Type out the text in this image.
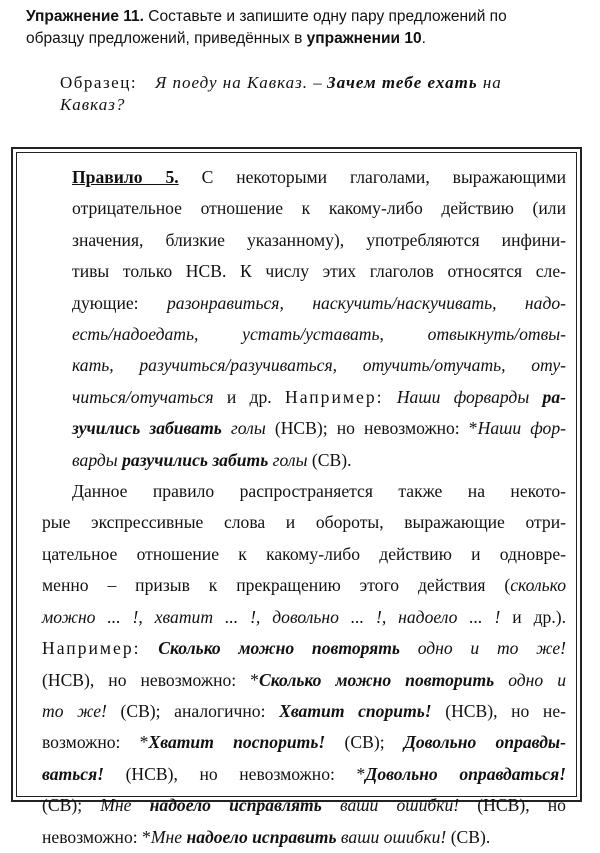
Упражнение 11. Составьте и запишите одну пару предложений по
образцу предложений, приведённых в упражнении 10.
Образец: Я поеду на Кавказ. – Зачем тебе ехать на
Кавказ?

Правило 5. С некоторыми глаголами, выражающими
отрицательное отношение к какому-либо действию (или
значения, близкие указанному), употребляются инфини-
тивы только НСВ. К числу этих глаголов относятся сле-
дующие: разонравиться, наскучить/наскучивать, надо-
есть/надоедать, устать/уставать, отвыкнуть/отвы-
кать, разучиться/разучиваться, отучить/отучать, оту-
читься/отучаться и др. Например: Наши форварды ра-
зучились забивать голы (НСВ); но невозможно: *Наши фор-
варды разучились забить голы (СВ).

Данное правило распространяется также на некото-
рые экспрессивные слова и обороты, выражающие отри-
цательное отношение к какому-либо действию и одновре-
менно – призыв к прекращению этого действия (сколько
можно ... !, хватит ... !, довольно ... !, надоело ... ! и др.).
Например: Сколько можно повторять одно и то же!
(НСВ), но невозможно: *Сколько можно повторить одно и
то же! (СВ); аналогично: Хватит спорить! (НСВ), но не-
возможно: *Хватит поспорить! (СВ); Довольно оправды-
ваться! (НСВ), но невозможно: *Довольно оправдаться!
(СВ); Мне надоело исправлять ваши ошибки! (НСВ), но
невозможно: *Мне надоело исправить ваши ошибки! (СВ).
